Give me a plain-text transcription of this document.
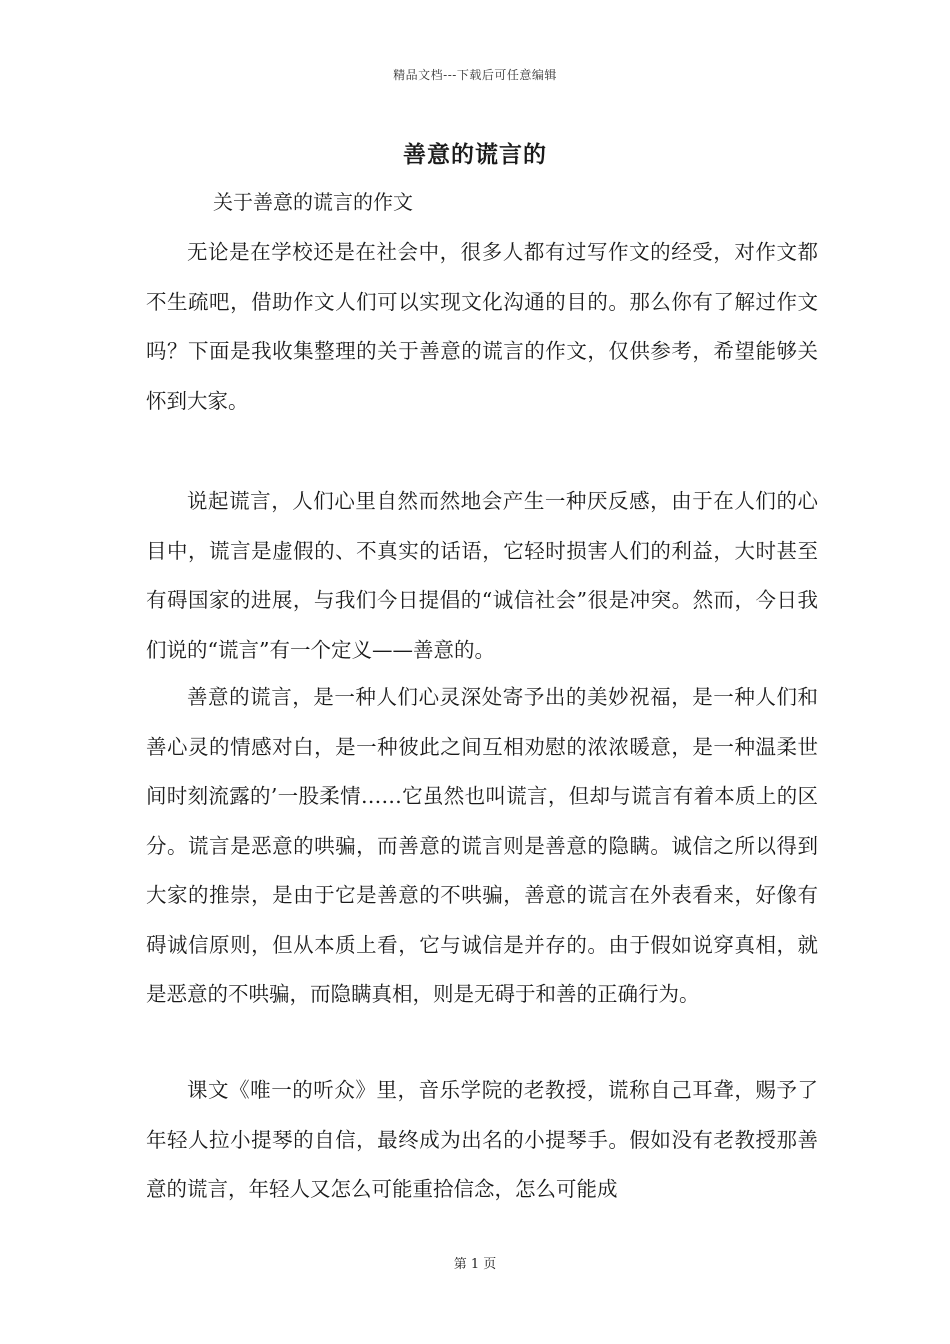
精品文档---下载后可任意编辑
善意的谎言的
关于善意的谎言的作文
无论是在学校还是在社会中，很多人都有过写作文的经受，对作文都不生疏吧，借助作文人们可以实现文化沟通的目的。那么你有了解过作文吗？下面是我收集整理的关于善意的谎言的作文，仅供参考，希望能够关怀到大家。
说起谎言，人们心里自然而然地会产生一种厌反感，由于在人们的心目中，谎言是虚假的、不真实的话语，它轻时损害人们的利益，大时甚至有碍国家的进展，与我们今日提倡的“诚信社会”很是冲突。然而，今日我们说的“谎言”有一个定义——善意的。
善意的谎言，是一种人们心灵深处寄予出的美妙祝福，是一种人们和善心灵的情感对白，是一种彼此之间互相劝慰的浓浓暖意，是一种温柔世间时刻流露的’一股柔情……它虽然也叫谎言，但却与谎言有着本质上的区分。谎言是恶意的哄骗，而善意的谎言则是善意的隐瞒。诚信之所以得到大家的推崇，是由于它是善意的不哄骗，善意的谎言在外表看来，好像有碍诚信原则，但从本质上看，它与诚信是并存的。由于假如说穿真相，就是恶意的不哄骗，而隐瞒真相，则是无碍于和善的正确行为。
课文《唯一的听众》里，音乐学院的老教授，谎称自己耳聋，赐予了年轻人拉小提琴的自信，最终成为出名的小提琴手。假如没有老教授那善意的谎言，年轻人又怎么可能重拾信念，怎么可能成
第 1 页
